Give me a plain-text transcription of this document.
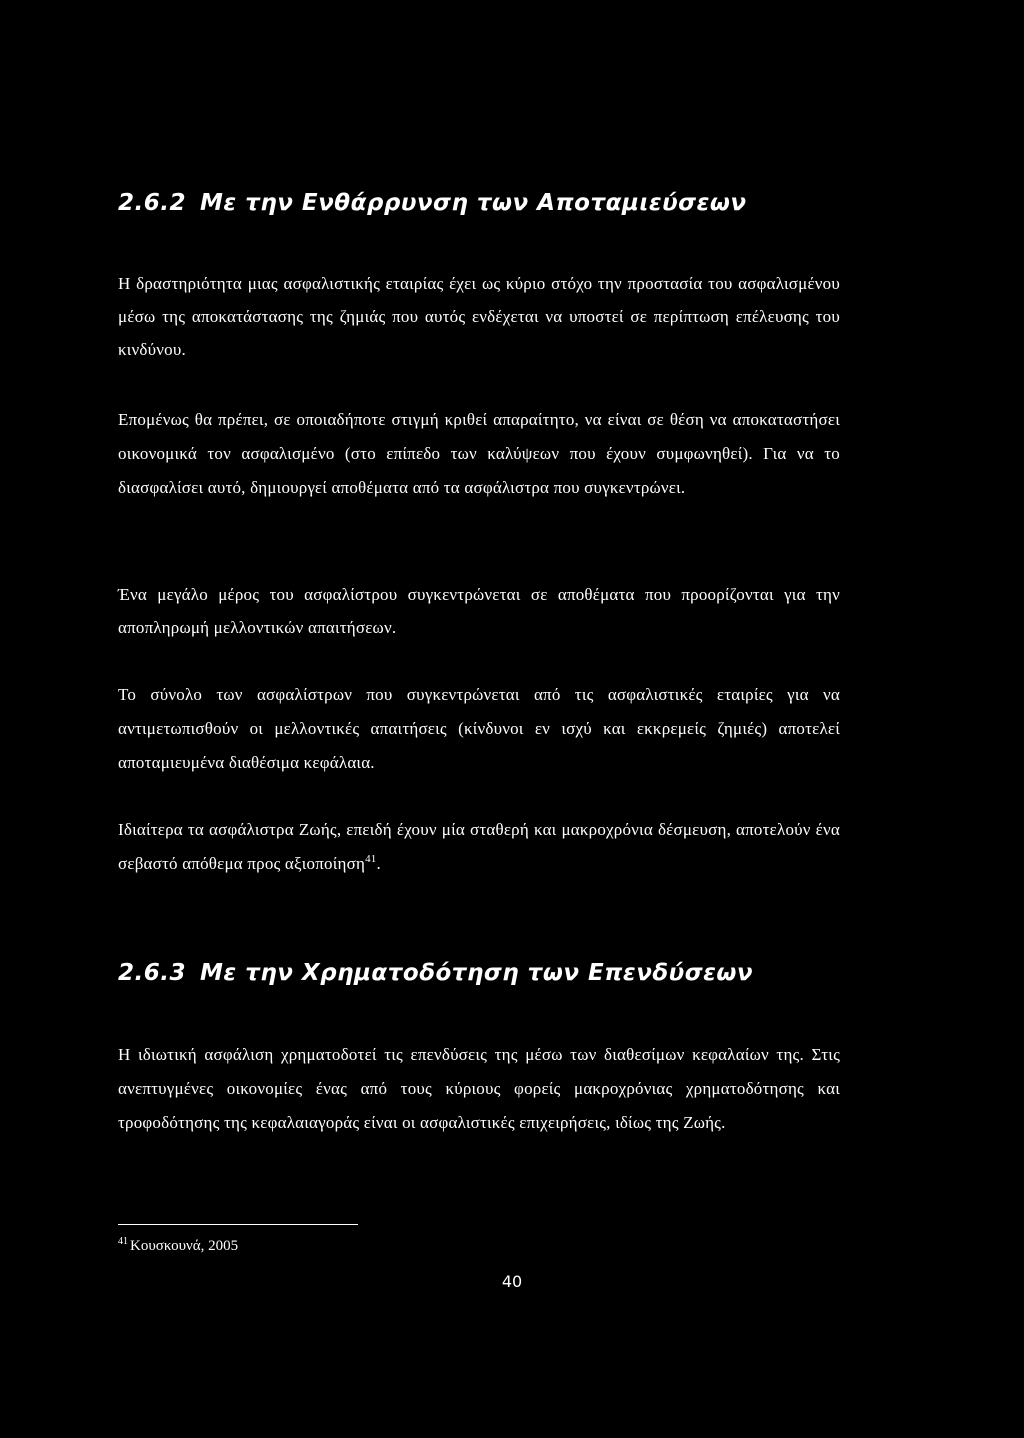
2.6.2 Με την Ενθάρρυνση των Αποταμιεύσεων

Η δραστηριότητα μιας ασφαλιστικής εταιρίας έχει ως κύριο στόχο την προστασία του ασφαλισμένου μέσω της αποκατάστασης της ζημιάς που αυτός ενδέχεται να υποστεί σε περίπτωση επέλευσης του κινδύνου.

Επομένως θα πρέπει, σε οποιαδήποτε στιγμή κριθεί απαραίτητο, να είναι σε θέση να αποκαταστήσει οικονομικά τον ασφαλισμένο (στο επίπεδο των καλύψεων που έχουν συμφωνηθεί). Για να το διασφαλίσει αυτό, δημιουργεί αποθέματα από τα ασφάλιστρα που συγκεντρώνει.

Ένα μεγάλο μέρος του ασφαλίστρου συγκεντρώνεται σε αποθέματα που προορίζονται για την αποπληρωμή μελλοντικών απαιτήσεων.

Το σύνολο των ασφαλίστρων που συγκεντρώνεται από τις ασφαλιστικές εταιρίες για να αντιμετωπισθούν οι μελλοντικές απαιτήσεις (κίνδυνοι εν ισχύ και εκκρεμείς ζημιές) αποτελεί αποταμιευμένα διαθέσιμα κεφάλαια.

Ιδιαίτερα τα ασφάλιστρα Ζωής, επειδή έχουν μία σταθερή και μακροχρόνια δέσμευση, αποτελούν ένα σεβαστό απόθεμα προς αξιοποίηση$^{41}$.

2.6.3 Με την Χρηματοδότηση των Επενδύσεων

Η ιδιωτική ασφάλιση χρηματοδοτεί τις επενδύσεις της μέσω των διαθεσίμων κεφαλαίων της. Στις ανεπτυγμένες οικονομίες ένας από τους κύριους φορείς μακροχρόνιας χρηματοδότησης και τροφοδότησης της κεφαλαιαγοράς είναι οι ασφαλιστικές επιχειρήσεις, ιδίως της Ζωής.

$^{41}$ Κουσκουνά, 2005

40
